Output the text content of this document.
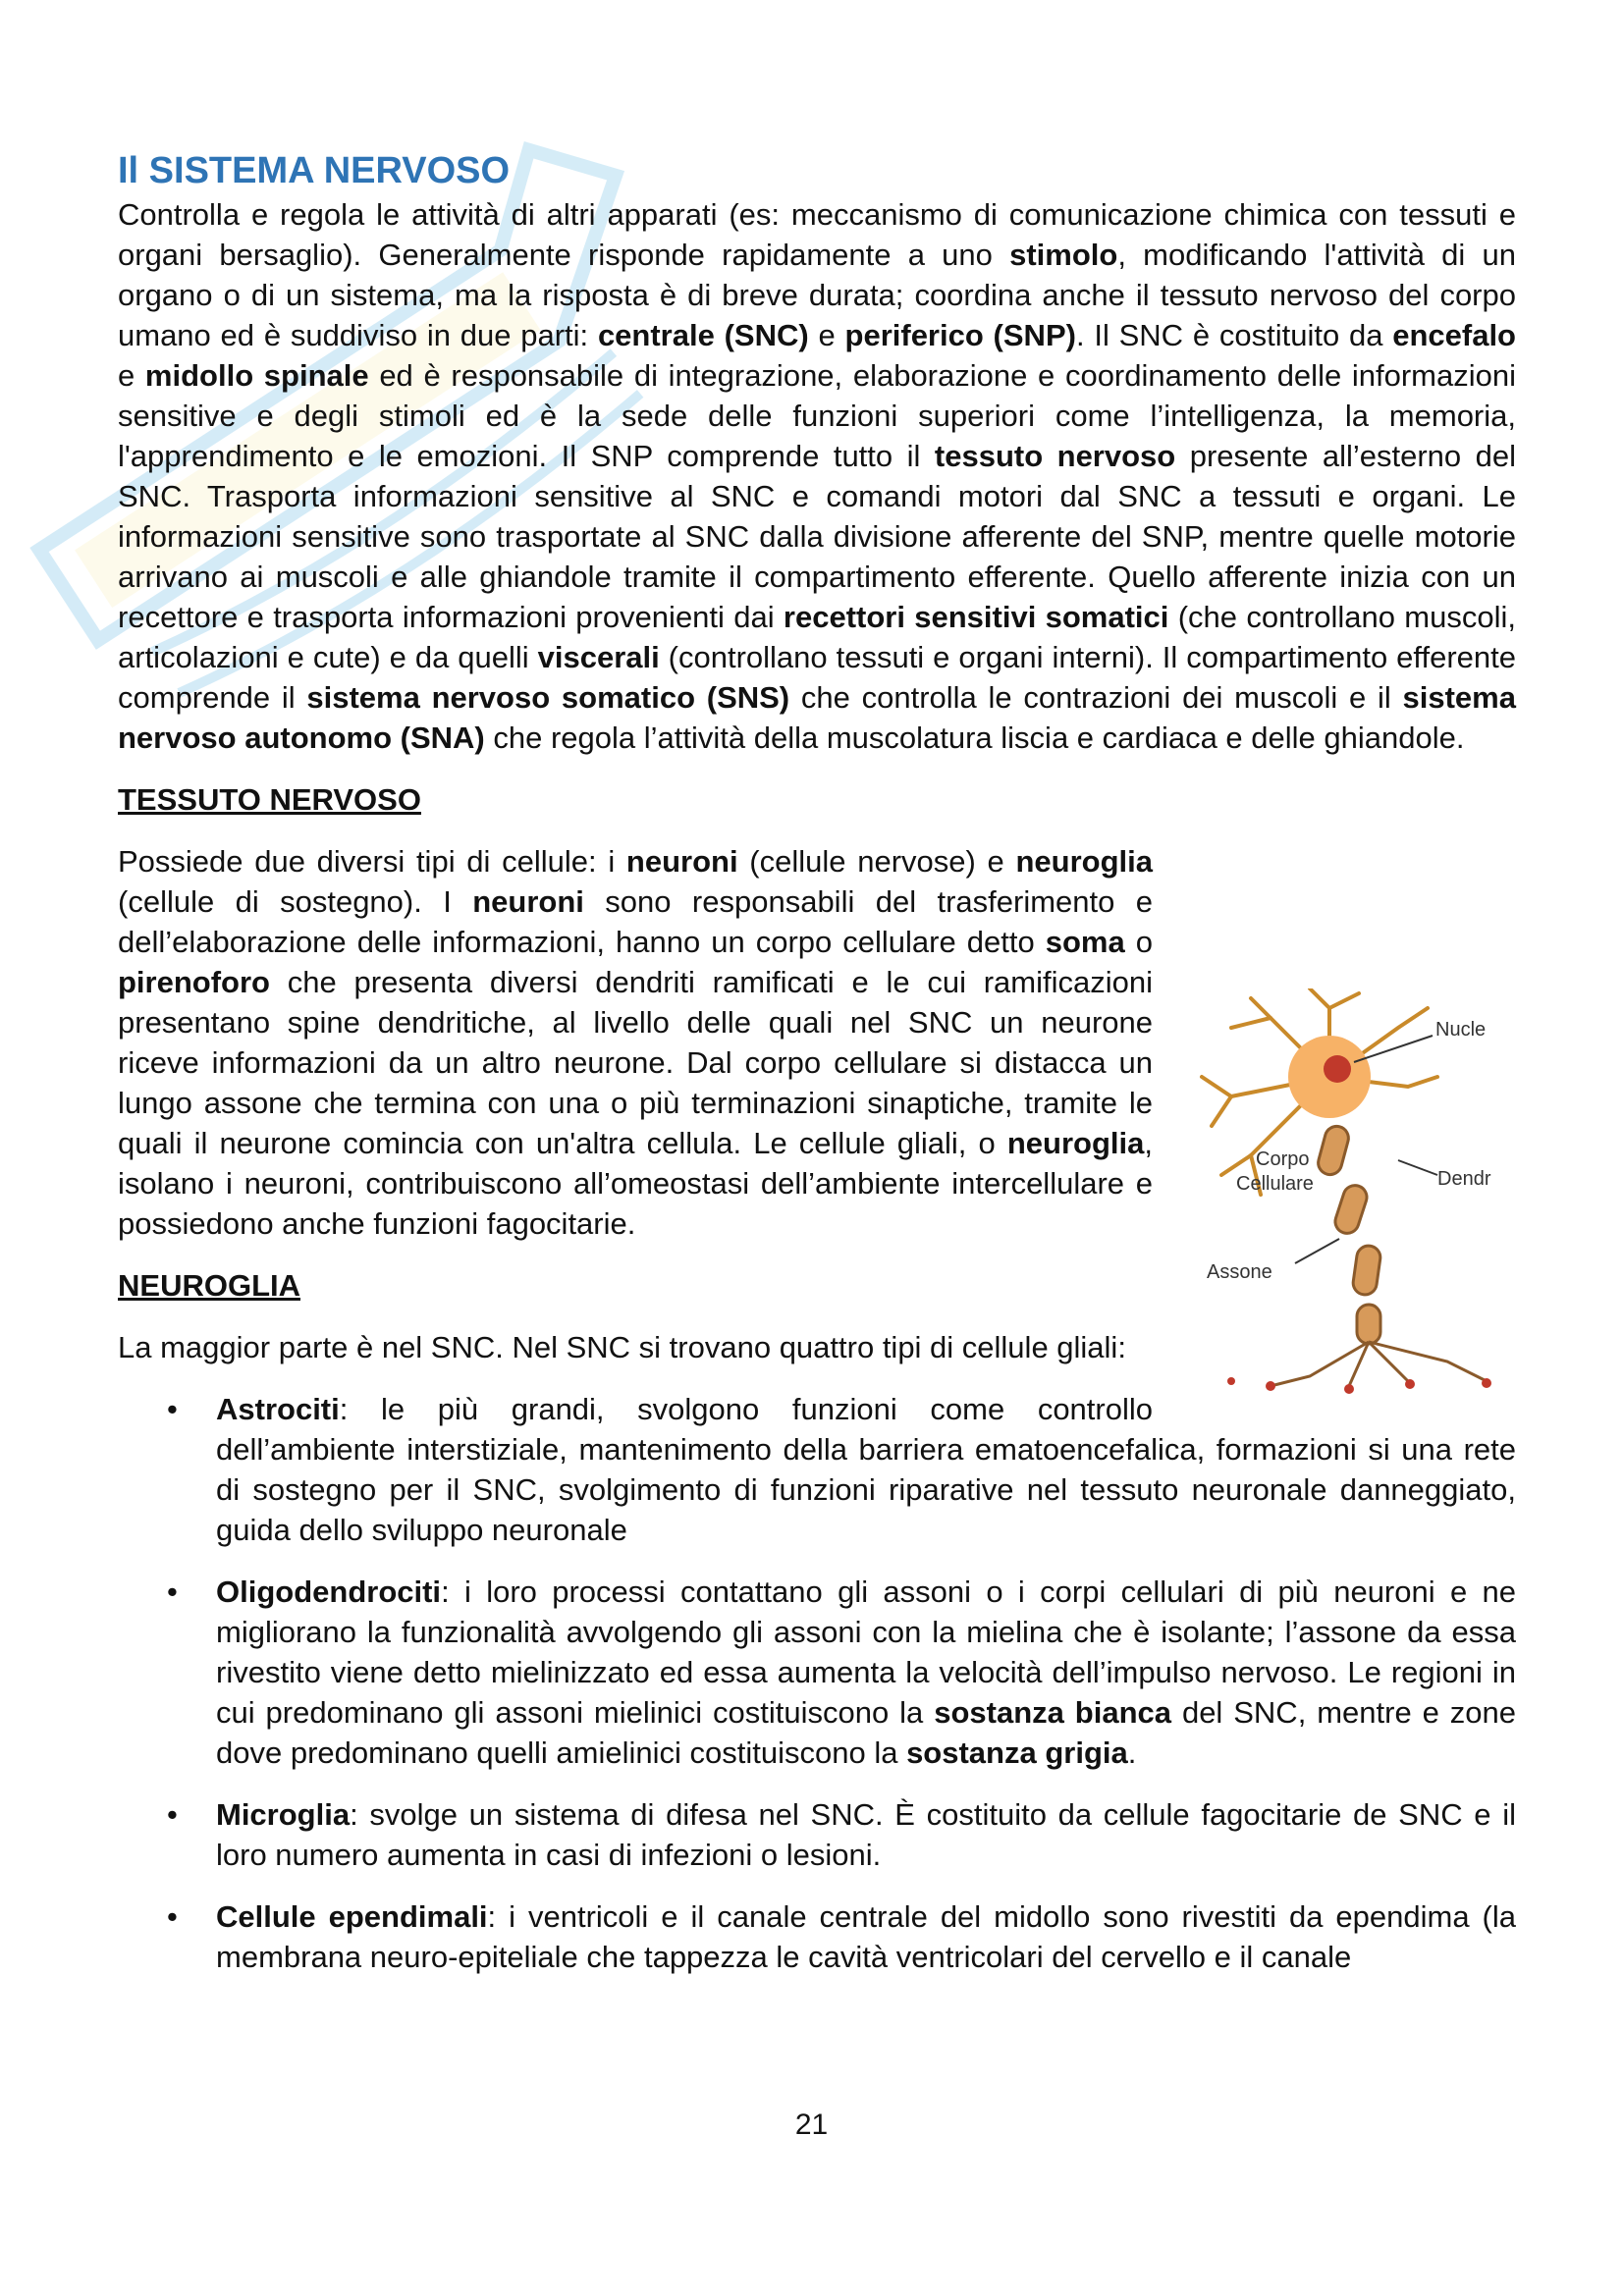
Il SISTEMA NERVOSO

Controlla e regola le attività di altri apparati (es: meccanismo di comunicazione chimica con tessuti e organi bersaglio). Generalmente risponde rapidamente a uno stimolo, modificando l'attività di un organo o di un sistema, ma la risposta è di breve durata; coordina anche il tessuto nervoso del corpo umano ed è suddiviso in due parti: centrale (SNC) e periferico (SNP). Il SNC è costituito da encefalo e midollo spinale ed è responsabile di integrazione, elaborazione e coordinamento delle informazioni sensitive e degli stimoli ed è la sede delle funzioni superiori come l’intelligenza, la memoria, l'apprendimento e le emozioni. Il SNP comprende tutto il tessuto nervoso presente all’esterno del SNC. Trasporta informazioni sensitive al SNC e comandi motori dal SNC a tessuti e organi. Le informazioni sensitive sono trasportate al SNC dalla divisione afferente del SNP, mentre quelle motorie arrivano ai muscoli e alle ghiandole tramite il compartimento efferente. Quello afferente inizia con un recettore e trasporta informazioni provenienti dai recettori sensitivi somatici (che controllano muscoli, articolazioni e cute) e da quelli viscerali (controllano tessuti e organi interni). Il compartimento efferente comprende il sistema nervoso somatico (SNS) che controlla le contrazioni dei muscoli e il sistema nervoso autonomo (SNA) che regola l’attività della muscolatura liscia e cardiaca e delle ghiandole.

TESSUTO NERVOSO

Nucle
Dendr
Corpo
Cellulare
Assone
Possiede due diversi tipi di cellule: i neuroni (cellule nervose) e neuroglia (cellule di sostegno). I neuroni sono responsabili del trasferimento e dell’elaborazione delle informazioni, hanno un corpo cellulare detto soma o pirenoforo che presenta diversi dendriti ramificati e le cui ramificazioni presentano spine dendritiche, al livello delle quali nel SNC un neurone riceve informazioni da un altro neurone. Dal corpo cellulare si distacca un lungo assone che termina con una o più terminazioni sinaptiche, tramite le quali il neurone comincia con un'altra cellula. Le cellule gliali, o neuroglia, isolano i neuroni, contribuiscono all’omeostasi dell’ambiente intercellulare e possiedono anche funzioni fagocitarie.

NEUROGLIA

La maggior parte è nel SNC. Nel SNC si trovano quattro tipi di cellule gliali:

• Astrociti: le più grandi, svolgono funzioni come controllo dell’ambiente interstiziale, mantenimento della barriera ematoencefalica, formazioni si una rete di sostegno per il SNC, svolgimento di funzioni riparative nel tessuto neuronale danneggiato, guida dello sviluppo neuronale
• Oligodendrociti: i loro processi contattano gli assoni o i corpi cellulari di più neuroni e ne migliorano la funzionalità avvolgendo gli assoni con la mielina che è isolante; l’assone da essa rivestito viene detto mielinizzato ed essa aumenta la velocità dell’impulso nervoso. Le regioni in cui predominano gli assoni mielinici costituiscono la sostanza bianca del SNC, mentre e zone dove predominano quelli amielinici costituiscono la sostanza grigia.
• Microglia: svolge un sistema di difesa nel SNC. È costituito da cellule fagocitarie de SNC e il loro numero aumenta in casi di infezioni o lesioni.
• Cellule ependimali: i ventricoli e il canale centrale del midollo sono rivestiti da ependima (la membrana neuro-epiteliale che tappezza le cavità ventricolari del cervello e il canale
21
